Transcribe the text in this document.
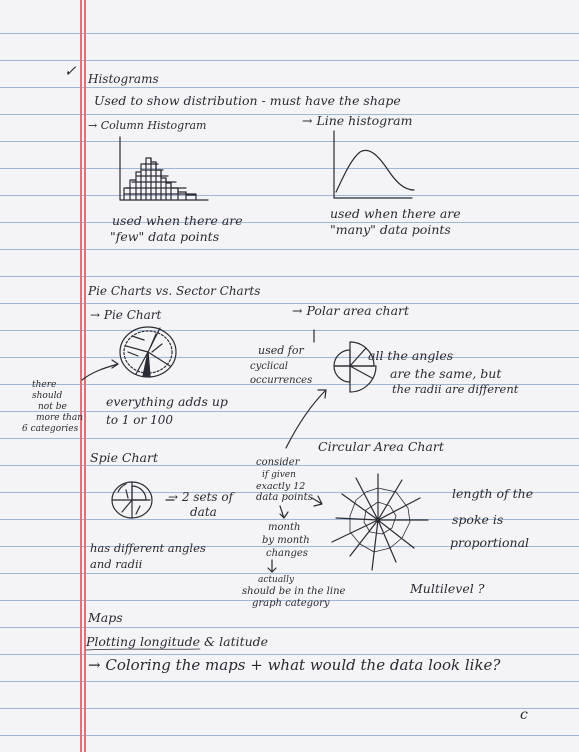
✓ Histograms
Used to show distribution - must have the shape
→ Column Histogram	→ Line histogram
used when there are
"few" data points
used when there are
"many" data points
Pie Charts vs. Sector Charts
→ Pie Chart	→ Polar area chart
used for
cyclical
occurrences
all the angles
are the same, but
the radii are different
there
should
not be
more than
6 categories
everything adds up
to 1 or 100
Spie Chart
Circular Area Chart
consider
if given
exactly 12
data points
→ 2 sets of
data
length of the
spoke is
proportional
month
by month
changes
has different angles
and radii
actually
should be in the line
graph category
Multilevel ?
Maps
Plotting longitude & latitude
→ Coloring the maps + what would the data look like?
c
